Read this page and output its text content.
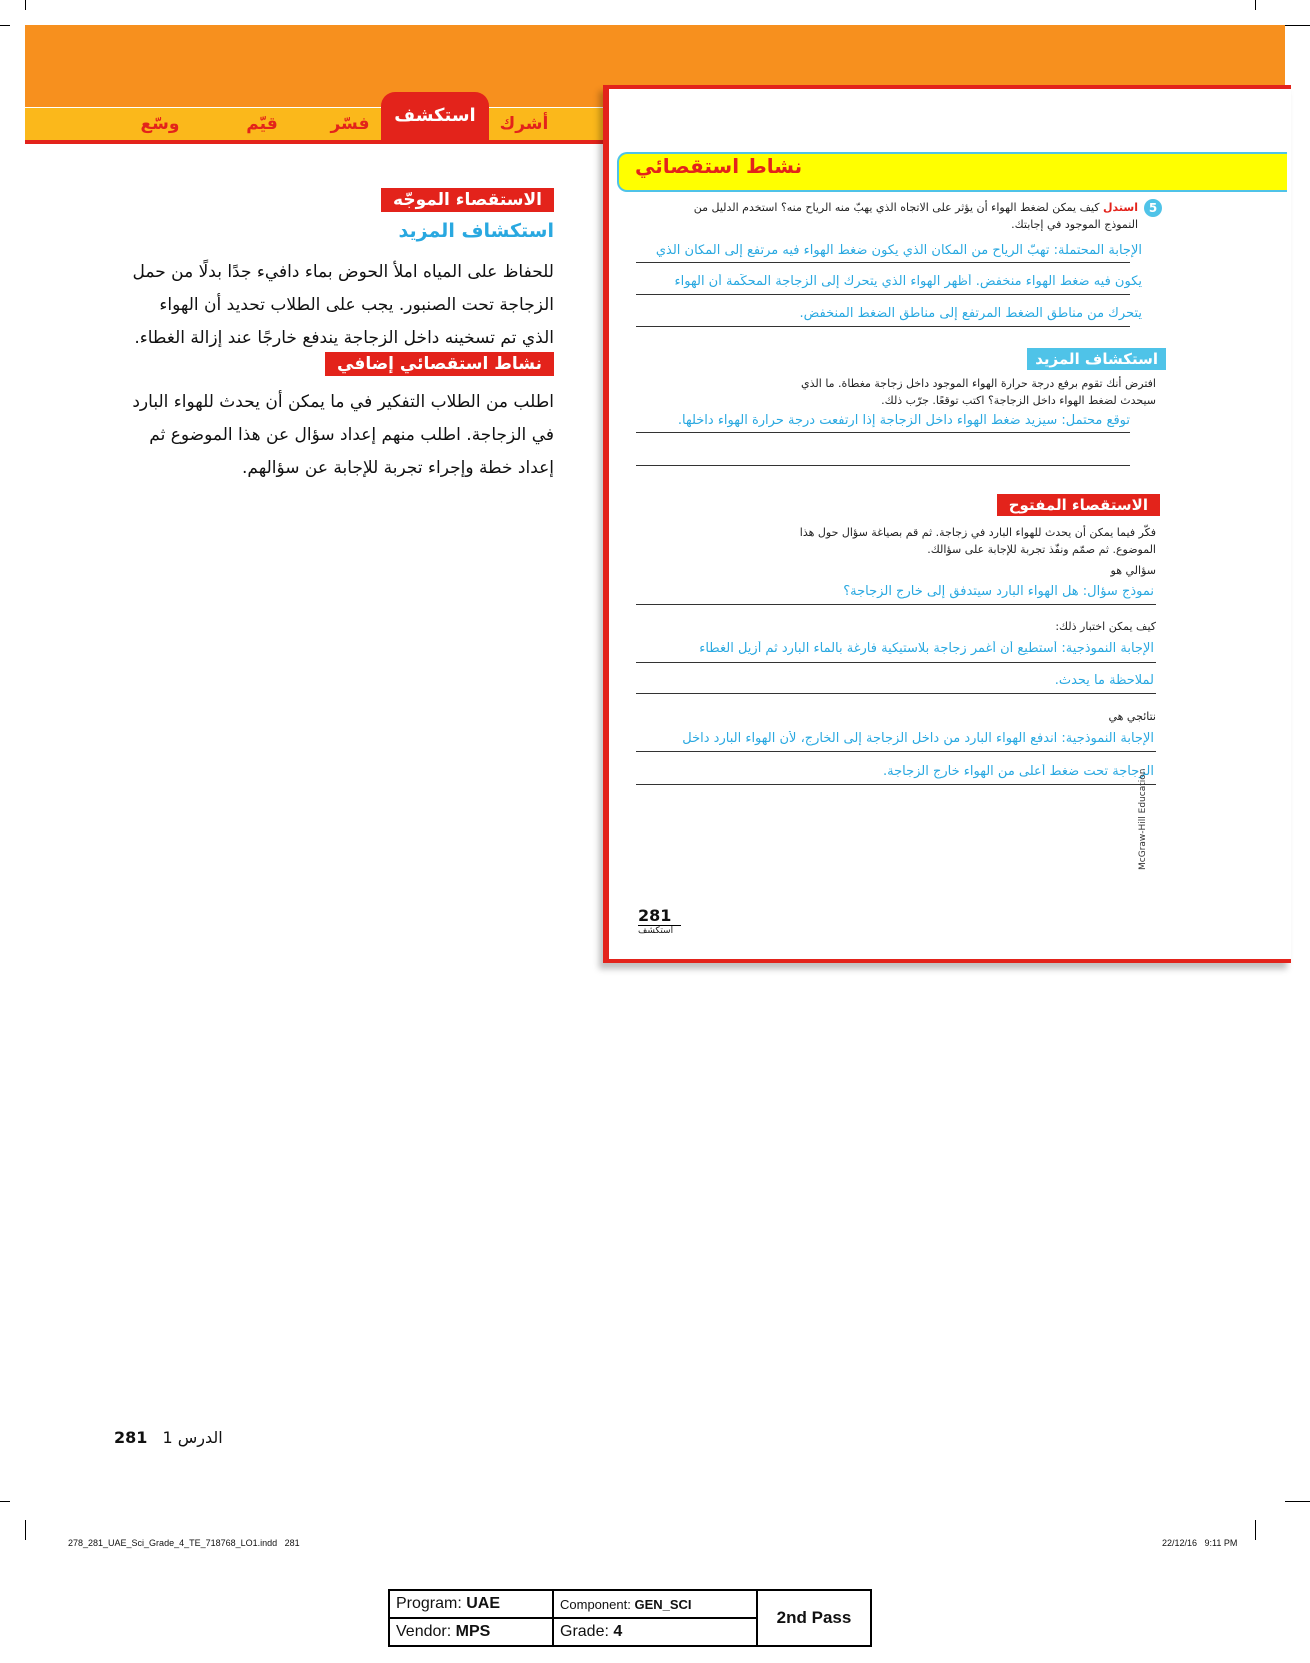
أشرك
استكشف
فسّر
قيّم
وسّع
الاستقصاء الموجّه
استكشاف المزيد
للحفاظ على المياه املأ الحوض بماء دافيء جدًا بدلًا من حمل
الزجاجة تحت الصنبور. يجب على الطلاب تحديد أن الهواء
الذي تم تسخينه داخل الزجاجة يندفع خارجًا عند إزالة الغطاء.
نشاط استقصائي إضافي
اطلب من الطلاب التفكير في ما يمكن أن يحدث للهواء البارد
في الزجاجة. اطلب منهم إعداد سؤال عن هذا الموضوع ثم
إعداد خطة وإجراء تجربة للإجابة عن سؤالهم.
281 الدرس 1
نشاط استقصائي
5
استدل كيف يمكن لضغط الهواء أن يؤثر على الاتجاه الذي يهبّ منه الرياح منه؟ استخدم الدليل من
النموذج الموجود في إجابتك.
الإجابة المحتملة: تهبّ الرياح من المكان الذي يكون ضغط الهواء فيه مرتفع إلى المكان الذي
يكون فيه ضغط الهواء منخفض. أظهر الهواء الذي يتحرك إلى الزجاجة المحكّمة أن الهواء
يتحرك من مناطق الضغط المرتفع إلى مناطق الضغط المنخفض.
استكشاف المزيد
افترض أنك تقوم برفع درجة حرارة الهواء الموجود داخل زجاجة مغطاة. ما الذي
سيحدث لضغط الهواء داخل الزجاجة؟ اكتب توقعًا. جرّب ذلك.
توقع محتمل: سيزيد ضغط الهواء داخل الزجاجة إذا ارتفعت درجة حرارة الهواء داخلها.
الاستقصاء المفتوح
فكّر فيما يمكن أن يحدث للهواء البارد في زجاجة. ثم قم بصياغة سؤال حول هذا
الموضوع. ثم صمّم ونفّذ تجربة للإجابة على سؤالك.
سؤالي هو
نموذج سؤال: هل الهواء البارد سيتدفق إلى خارج الزجاجة؟
كيف يمكن اختبار ذلك:
الإجابة النموذجية: أستطيع أن أغمر زجاجة بلاستيكية فارغة بالماء البارد ثم أزيل الغطاء
لملاحظة ما يحدث.
نتائجي هي
الإجابة النموذجية: اندفع الهواء البارد من داخل الزجاجة إلى الخارج، لأن الهواء البارد داخل
الزجاجة تحت ضغط أعلى من الهواء خارج الزجاجة.
McGraw-Hill Education
281
استكشف
278_281_UAE_Sci_Grade_4_TE_718768_LO1.indd   281	22/12/16   9:11 PM
Program: UAE	Component: GEN_SCI	2nd Pass
Vendor: MPS	Grade: 4	
